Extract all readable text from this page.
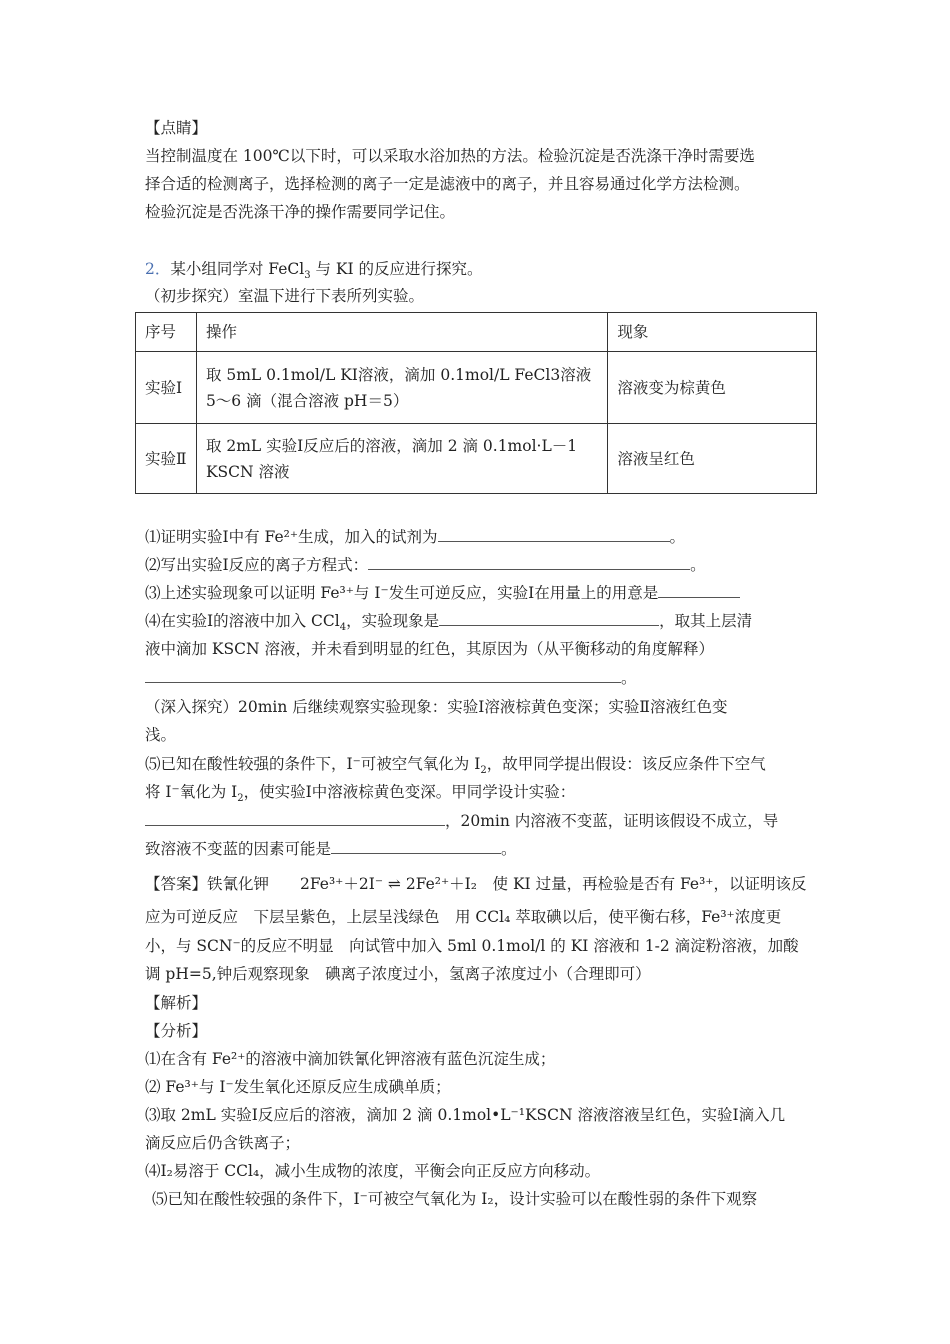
【点睛】
当控制温度在 100℃以下时，可以采取水浴加热的方法。检验沉淀是否洗涤干净时需要选
择合适的检测离子，选择检测的离子一定是滤液中的离子，并且容易通过化学方法检测。
检验沉淀是否洗涤干净的操作需要同学记住。
2．某小组同学对 FeCl$_3$ 与 KI 的反应进行探究。
（初步探究）室温下进行下表所列实验。
序号	操作	现象
实验Ⅰ	取 5mL 0.1mol/L KI溶液，滴加 0.1mol/L FeCl3溶液 5～6 滴（混合溶液 pH＝5）	溶液变为棕黄色
实验Ⅱ	取 2mL 实验Ⅰ反应后的溶液，滴加 2 滴 0.1mol·L－1 KSCN 溶液	溶液呈红色
⑴证明实验Ⅰ中有 Fe²⁺生成，加入的试剂为	。
⑵写出实验Ⅰ反应的离子方程式：	。
⑶上述实验现象可以证明 Fe³⁺与 I⁻发生可逆反应，实验Ⅰ在用量上的用意是
⑷在实验Ⅰ的溶液中加入 CCl$_4$，实验现象是	，取其上层清
液中滴加 KSCN 溶液，并未看到明显的红色，其原因为（从平衡移动的角度解释）
。
（深入探究）20min 后继续观察实验现象：实验Ⅰ溶液棕黄色变深；实验Ⅱ溶液红色变
浅。
⑸已知在酸性较强的条件下，I⁻可被空气氧化为 $I_2$，故甲同学提出假设：该反应条件下空气
将 I⁻氧化为 $I_2$，使实验Ⅰ中溶液棕黄色变深。甲同学设计实验：
，20min 内溶液不变蓝，证明该假设不成立，导
致溶液不变蓝的因素可能是	。
【答案】铁氰化钾　　2Fe³⁺＋2I⁻ ⇌ 2Fe²⁺＋I₂　使 KI 过量，再检验是否有 Fe³⁺，以证明该反
应为可逆反应　下层呈紫色，上层呈浅绿色　用 CCl₄ 萃取碘以后，使平衡右移，Fe³⁺浓度更
小，与 SCN⁻的反应不明显　向试管中加入 5ml 0.1mol/l 的 KI 溶液和 1-2 滴淀粉溶液，加酸
调 pH=5,钟后观察现象　碘离子浓度过小，氢离子浓度过小（合理即可）
【解析】
【分析】
⑴在含有 Fe²⁺的溶液中滴加铁氰化钾溶液有蓝色沉淀生成；
⑵ Fe³⁺与 I⁻发生氧化还原反应生成碘单质；
⑶取 2mL 实验Ⅰ反应后的溶液，滴加 2 滴 0.1mol•L⁻¹KSCN 溶液溶液呈红色，实验Ⅰ滴入几
滴反应后仍含铁离子；
⑷I₂易溶于 CCl₄，减小生成物的浓度，平衡会向正反应方向移动。
⑸已知在酸性较强的条件下，I⁻可被空气氧化为 I₂，设计实验可以在酸性弱的条件下观察
